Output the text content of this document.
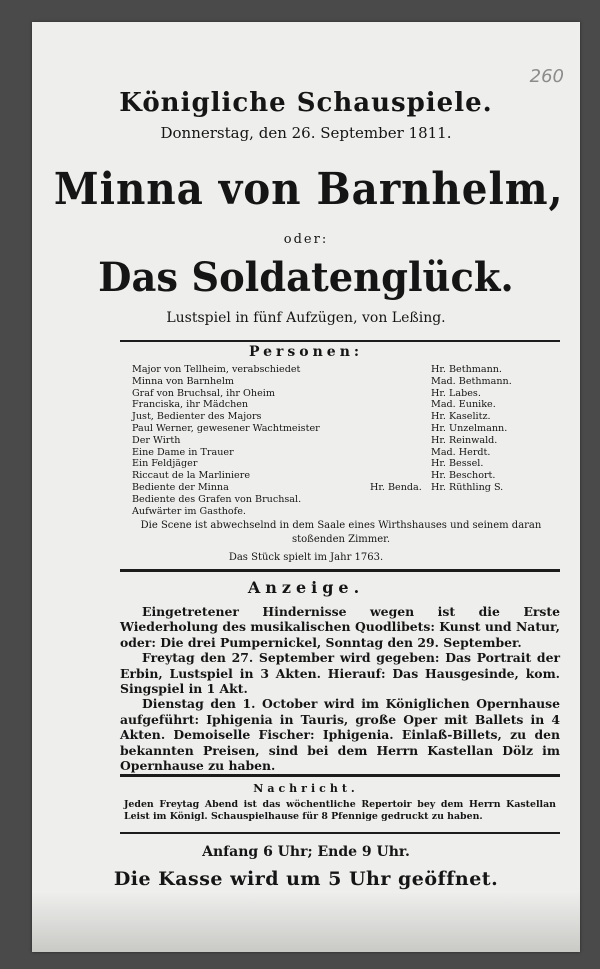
260
Königliche Schauspiele.
Donnerstag, den 26. September 1811.
Minna von Barnhelm,
oder:
Das Soldatenglück.
Lustspiel in fünf Aufzügen, von Leßing.
Personen:
Major von Tellheim, verabschiedet	Hr. Bethmann.
Minna von Barnhelm	Mad. Bethmann.
Graf von Bruchsal, ihr Oheim	Hr. Labes.
Franciska, ihr Mädchen	Mad. Eunike.
Just, Bedienter des Majors	Hr. Kaselitz.
Paul Werner, gewesener Wachtmeister	Hr. Unzelmann.
Der Wirth	Hr. Reinwald.
Eine Dame in Trauer	Mad. Herdt.
Ein Feldjäger	Hr. Bessel.
Riccaut de la Marliniere	Hr. Beschort.
Bediente der Minna	Hr. Benda. Hr. Rüthling S.
Bediente des Grafen von Bruchsal.
Aufwärter im Gasthofe.
Die Scene ist abwechselnd in dem Saale eines Wirthshauses und seinem daran stoßenden Zimmer.
Das Stück spielt im Jahr 1763.
Anzeige.

Eingetretener Hindernisse wegen ist die Erste Wiederholung des musikalischen Quodlibets: Kunst und Natur, oder: Die drei Pumpernickel, Sonntag den 29. September.

Freytag den 27. September wird gegeben: Das Portrait der Erbin, Lustspiel in 3 Akten. Hierauf: Das Hausgesinde, kom. Singspiel in 1 Akt.

Dienstag den 1. October wird im Königlichen Opernhause aufgeführt: Iphigenia in Tauris, große Oper mit Ballets in 4 Akten. Demoiselle Fischer: Iphigenia. Einlaß-Billets, zu den bekannten Preisen, sind bei dem Herrn Kastellan Dölz im Opernhause zu haben.

Nachricht.
Jeden Freytag Abend ist das wöchentliche Repertoir bey dem Herrn Kastellan Leist im Königl. Schauspielhause für 8 Pfennige gedruckt zu haben.
Anfang 6 Uhr; Ende 9 Uhr.
Die Kasse wird um 5 Uhr geöffnet.
